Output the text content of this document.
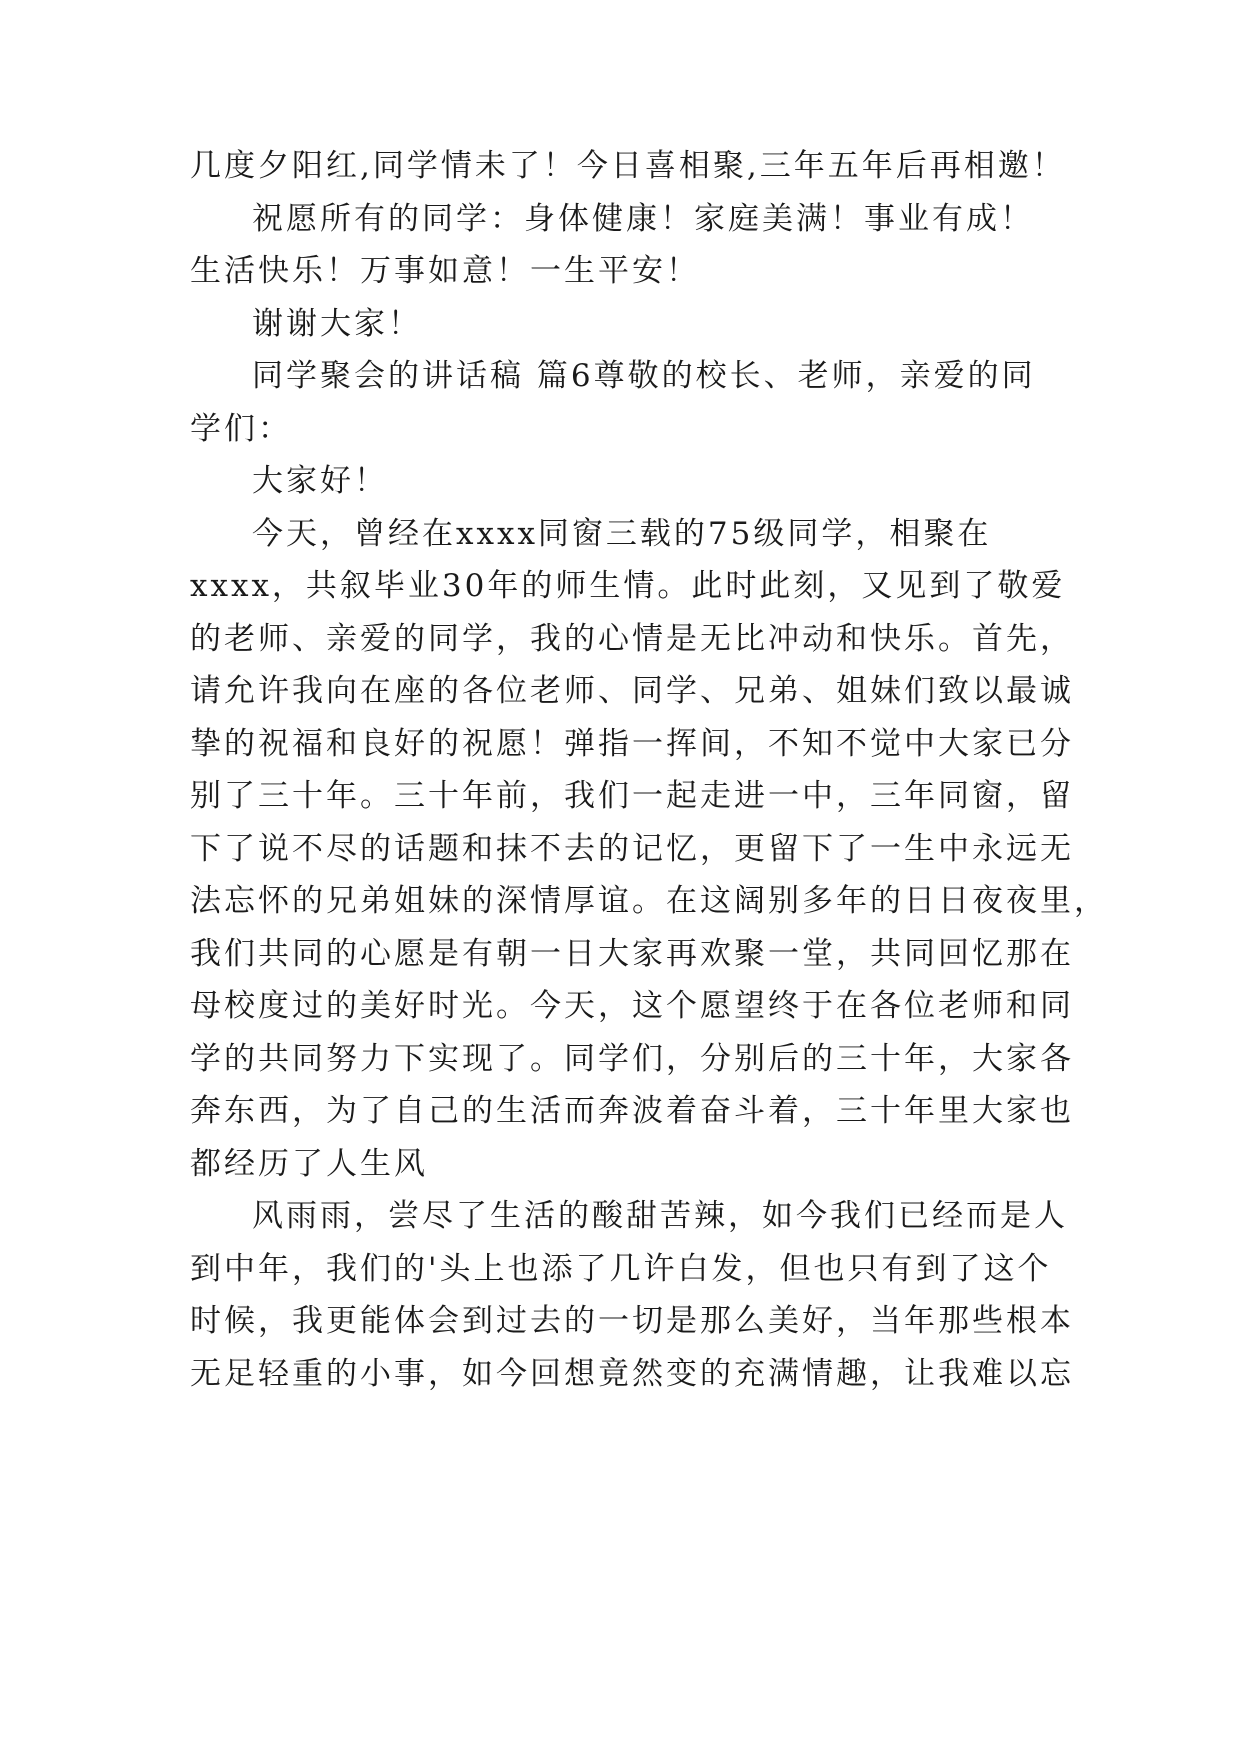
几度夕阳红,同学情未了！今日喜相聚,三年五年后再相邀！
祝愿所有的同学：身体健康！家庭美满！事业有成！
生活快乐！万事如意！一生平安！
谢谢大家！
同学聚会的讲话稿 篇6尊敬的校长、老师，亲爱的同
学们：
大家好！
今天，曾经在xxxx同窗三载的75级同学，相聚在
xxxx，共叙毕业30年的师生情。此时此刻，又见到了敬爱
的老师、亲爱的同学，我的心情是无比冲动和快乐。首先，
请允许我向在座的各位老师、同学、兄弟、姐妹们致以最诚
挚的祝福和良好的祝愿！弹指一挥间，不知不觉中大家已分
别了三十年。三十年前，我们一起走进一中，三年同窗，留
下了说不尽的话题和抹不去的记忆，更留下了一生中永远无
法忘怀的兄弟姐妹的深情厚谊。在这阔别多年的日日夜夜里，
我们共同的心愿是有朝一日大家再欢聚一堂，共同回忆那在
母校度过的美好时光。今天，这个愿望终于在各位老师和同
学的共同努力下实现了。同学们，分别后的三十年，大家各
奔东西，为了自己的生活而奔波着奋斗着，三十年里大家也
都经历了人生风
风雨雨，尝尽了生活的酸甜苦辣，如今我们已经而是人
到中年，我们的'头上也添了几许白发，但也只有到了这个
时候，我更能体会到过去的一切是那么美好，当年那些根本
无足轻重的小事，如今回想竟然变的充满情趣，让我难以忘
